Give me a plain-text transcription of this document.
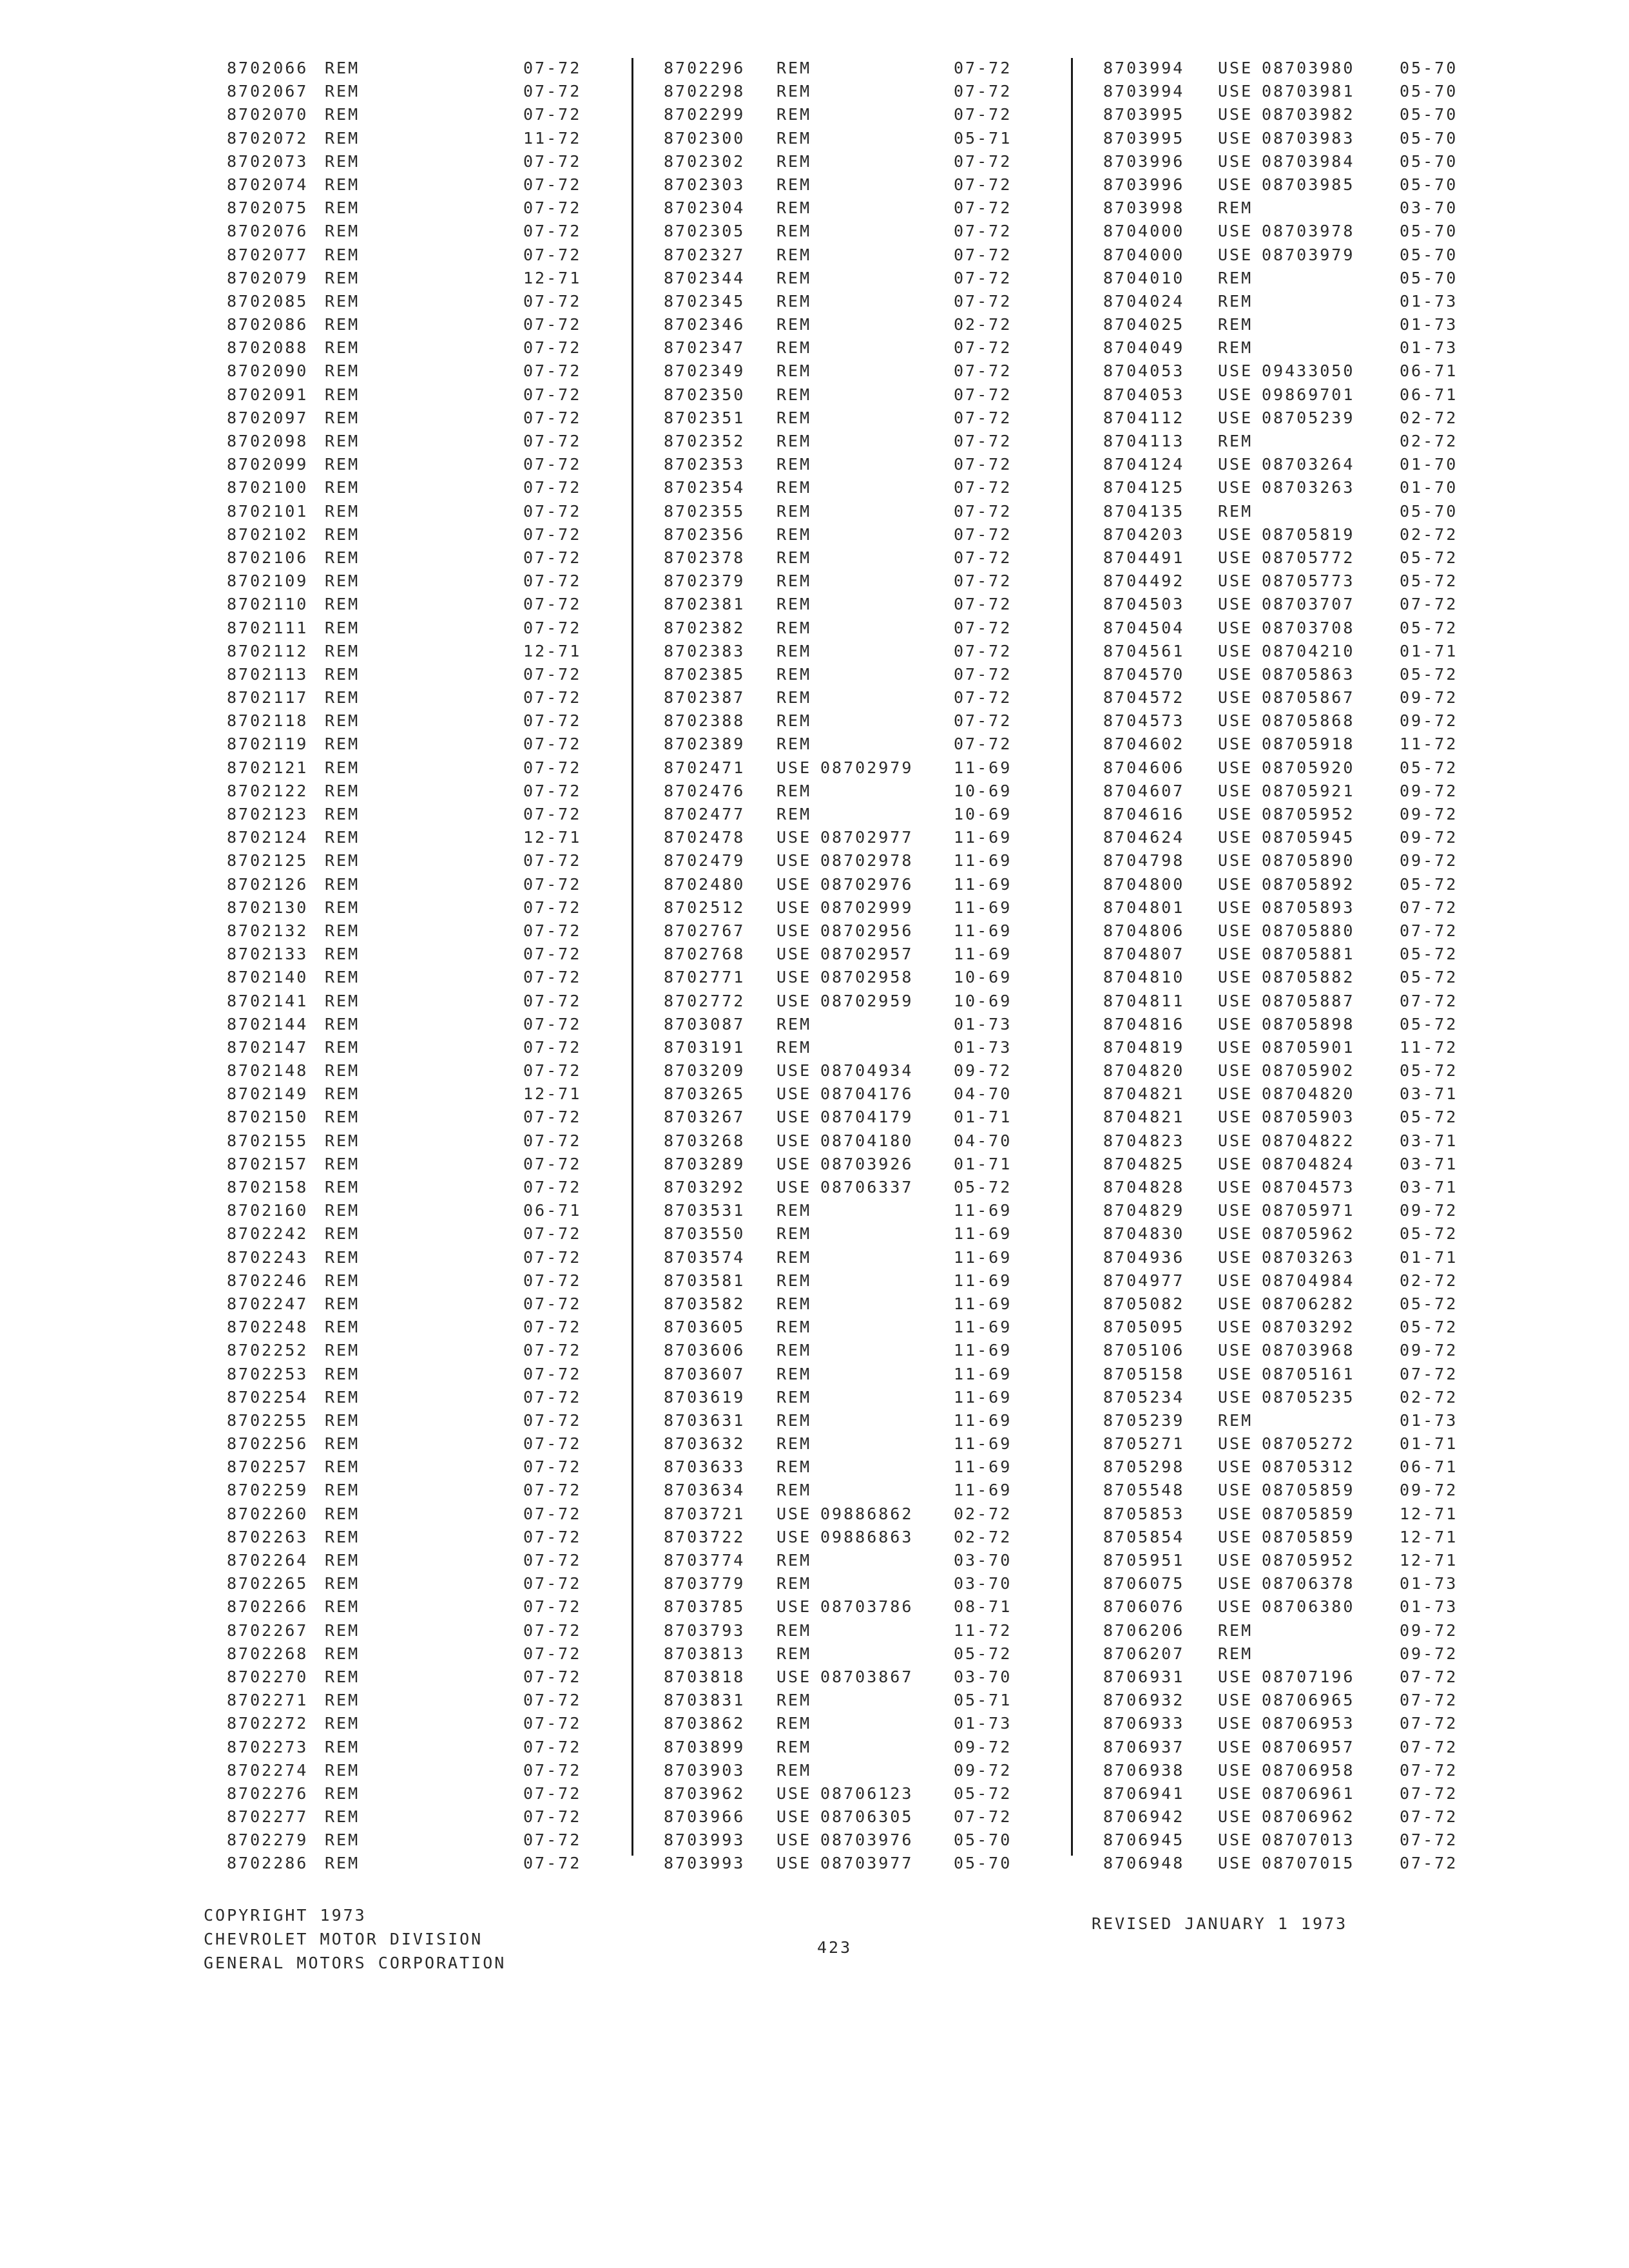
8702066 REM	07-72
8702067 REM	07-72
8702070 REM	07-72
8702072 REM	11-72
8702073 REM	07-72
8702074 REM	07-72
8702075 REM	07-72
8702076 REM	07-72
8702077 REM	07-72
8702079 REM	12-71
8702085 REM	07-72
8702086 REM	07-72
8702088 REM	07-72
8702090 REM	07-72
8702091 REM	07-72
8702097 REM	07-72
8702098 REM	07-72
8702099 REM	07-72
8702100 REM	07-72
8702101 REM	07-72
8702102 REM	07-72
8702106 REM	07-72
8702109 REM	07-72
8702110 REM	07-72
8702111 REM	07-72
8702112 REM	12-71
8702113 REM	07-72
8702117 REM	07-72
8702118 REM	07-72
8702119 REM	07-72
8702121 REM	07-72
8702122 REM	07-72
8702123 REM	07-72
8702124 REM	12-71
8702125 REM	07-72
8702126 REM	07-72
8702130 REM	07-72
8702132 REM	07-72
8702133 REM	07-72
8702140 REM	07-72
8702141 REM	07-72
8702144 REM	07-72
8702147 REM	07-72
8702148 REM	07-72
8702149 REM	12-71
8702150 REM	07-72
8702155 REM	07-72
8702157 REM	07-72
8702158 REM	07-72
8702160 REM	06-71
8702242 REM	07-72
8702243 REM	07-72
8702246 REM	07-72
8702247 REM	07-72
8702248 REM	07-72
8702252 REM	07-72
8702253 REM	07-72
8702254 REM	07-72
8702255 REM	07-72
8702256 REM	07-72
8702257 REM	07-72
8702259 REM	07-72
8702260 REM	07-72
8702263 REM	07-72
8702264 REM	07-72
8702265 REM	07-72
8702266 REM	07-72
8702267 REM	07-72
8702268 REM	07-72
8702270 REM	07-72
8702271 REM	07-72
8702272 REM	07-72
8702273 REM	07-72
8702274 REM	07-72
8702276 REM	07-72
8702277 REM	07-72
8702279 REM	07-72
8702286 REM	07-72
8702296 REM	07-72
8702298 REM	07-72
8702299 REM	07-72
8702300 REM	05-71
8702302 REM	07-72
8702303 REM	07-72
8702304 REM	07-72
8702305 REM	07-72
8702327 REM	07-72
8702344 REM	07-72
8702345 REM	07-72
8702346 REM	02-72
8702347 REM	07-72
8702349 REM	07-72
8702350 REM	07-72
8702351 REM	07-72
8702352 REM	07-72
8702353 REM	07-72
8702354 REM	07-72
8702355 REM	07-72
8702356 REM	07-72
8702378 REM	07-72
8702379 REM	07-72
8702381 REM	07-72
8702382 REM	07-72
8702383 REM	07-72
8702385 REM	07-72
8702387 REM	07-72
8702388 REM	07-72
8702389 REM	07-72
8702471 USE 08702979	11-69
8702476 REM	10-69
8702477 REM	10-69
8702478 USE 08702977	11-69
8702479 USE 08702978	11-69
8702480 USE 08702976	11-69
8702512 USE 08702999	11-69
8702767 USE 08702956	11-69
8702768 USE 08702957	11-69
8702771 USE 08702958	10-69
8702772 USE 08702959	10-69
8703087 REM	01-73
8703191 REM	01-73
8703209 USE 08704934	09-72
8703265 USE 08704176	04-70
8703267 USE 08704179	01-71
8703268 USE 08704180	04-70
8703289 USE 08703926	01-71
8703292 USE 08706337	05-72
8703531 REM	11-69
8703550 REM	11-69
8703574 REM	11-69
8703581 REM	11-69
8703582 REM	11-69
8703605 REM	11-69
8703606 REM	11-69
8703607 REM	11-69
8703619 REM	11-69
8703631 REM	11-69
8703632 REM	11-69
8703633 REM	11-69
8703634 REM	11-69
8703721 USE 09886862	02-72
8703722 USE 09886863	02-72
8703774 REM	03-70
8703779 REM	03-70
8703785 USE 08703786	08-71
8703793 REM	11-72
8703813 REM	05-72
8703818 USE 08703867	03-70
8703831 REM	05-71
8703862 REM	01-73
8703899 REM	09-72
8703903 REM	09-72
8703962 USE 08706123	05-72
8703966 USE 08706305	07-72
8703993 USE 08703976	05-70
8703993 USE 08703977	05-70
8703994 USE 08703980	05-70
8703994 USE 08703981	05-70
8703995 USE 08703982	05-70
8703995 USE 08703983	05-70
8703996 USE 08703984	05-70
8703996 USE 08703985	05-70
8703998 REM	03-70
8704000 USE 08703978	05-70
8704000 USE 08703979	05-70
8704010 REM	05-70
8704024 REM	01-73
8704025 REM	01-73
8704049 REM	01-73
8704053 USE 09433050	06-71
8704053 USE 09869701	06-71
8704112 USE 08705239	02-72
8704113 REM	02-72
8704124 USE 08703264	01-70
8704125 USE 08703263	01-70
8704135 REM	05-70
8704203 USE 08705819	02-72
8704491 USE 08705772	05-72
8704492 USE 08705773	05-72
8704503 USE 08703707	07-72
8704504 USE 08703708	05-72
8704561 USE 08704210	01-71
8704570 USE 08705863	05-72
8704572 USE 08705867	09-72
8704573 USE 08705868	09-72
8704602 USE 08705918	11-72
8704606 USE 08705920	05-72
8704607 USE 08705921	09-72
8704616 USE 08705952	09-72
8704624 USE 08705945	09-72
8704798 USE 08705890	09-72
8704800 USE 08705892	05-72
8704801 USE 08705893	07-72
8704806 USE 08705880	07-72
8704807 USE 08705881	05-72
8704810 USE 08705882	05-72
8704811 USE 08705887	07-72
8704816 USE 08705898	05-72
8704819 USE 08705901	11-72
8704820 USE 08705902	05-72
8704821 USE 08704820	03-71
8704821 USE 08705903	05-72
8704823 USE 08704822	03-71
8704825 USE 08704824	03-71
8704828 USE 08704573	03-71
8704829 USE 08705971	09-72
8704830 USE 08705962	05-72
8704936 USE 08703263	01-71
8704977 USE 08704984	02-72
8705082 USE 08706282	05-72
8705095 USE 08703292	05-72
8705106 USE 08703968	09-72
8705158 USE 08705161	07-72
8705234 USE 08705235	02-72
8705239 REM	01-73
8705271 USE 08705272	01-71
8705298 USE 08705312	06-71
8705548 USE 08705859	09-72
8705853 USE 08705859	12-71
8705854 USE 08705859	12-71
8705951 USE 08705952	12-71
8706075 USE 08706378	01-73
8706076 USE 08706380	01-73
8706206 REM	09-72
8706207 REM	09-72
8706931 USE 08707196	07-72
8706932 USE 08706965	07-72
8706933 USE 08706953	07-72
8706937 USE 08706957	07-72
8706938 USE 08706958	07-72
8706941 USE 08706961	07-72
8706942 USE 08706962	07-72
8706945 USE 08707013	07-72
8706948 USE 08707015	07-72
COPYRIGHT 1973
CHEVROLET MOTOR DIVISION
GENERAL MOTORS CORPORATION
423
REVISED JANUARY 1 1973
